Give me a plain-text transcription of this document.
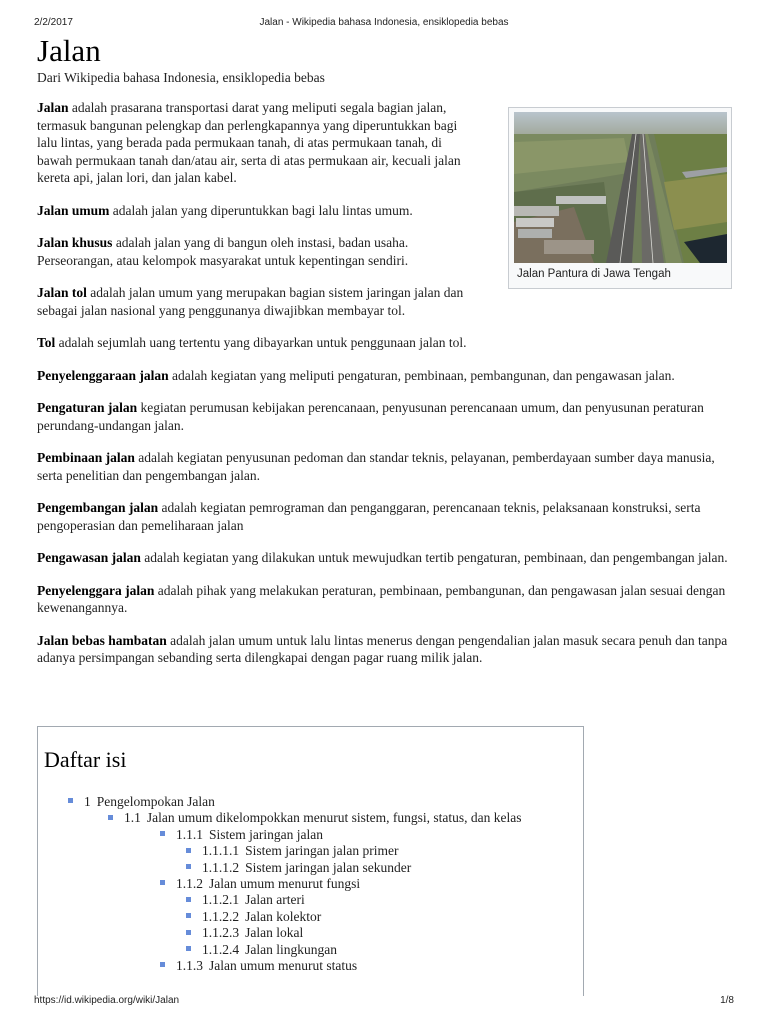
2/2/2017	Jalan - Wikipedia bahasa Indonesia, ensiklopedia bebas
Jalan
Dari Wikipedia bahasa Indonesia, ensiklopedia bebas
Jalan Pantura di Jawa Tengah

Jalan adalah prasarana transportasi darat yang meliputi segala bagian jalan, termasuk bangunan pelengkap dan perlengkapannya yang diperuntukkan bagi lalu lintas, yang berada pada permukaan tanah, di atas permukaan tanah, di bawah permukaan tanah dan/atau air, serta di atas permukaan air, kecuali jalan kereta api, jalan lori, dan jalan kabel.

Jalan umum adalah jalan yang diperuntukkan bagi lalu lintas umum.

Jalan khusus adalah jalan yang di bangun oleh instasi, badan usaha. Perseorangan, atau kelompok masyarakat untuk kepentingan sendiri.

Jalan tol adalah jalan umum yang merupakan bagian sistem jaringan jalan dan sebagai jalan nasional yang penggunanya diwajibkan membayar tol.

Tol adalah sejumlah uang tertentu yang dibayarkan untuk penggunaan jalan tol.

Penyelenggaraan jalan adalah kegiatan yang meliputi pengaturan, pembinaan, pembangunan, dan pengawasan jalan.

Pengaturan jalan kegiatan perumusan kebijakan perencanaan, penyusunan perencanaan umum, dan penyusunan peraturan perundang-undangan jalan.

Pembinaan jalan adalah kegiatan penyusunan pedoman dan standar teknis, pelayanan, pemberdayaan sumber daya manusia, serta penelitian dan pengembangan jalan.

Pengembangan jalan adalah kegiatan pemrograman dan penganggaran, perencanaan teknis, pelaksanaan konstruksi, serta pengoperasian dan pemeliharaan jalan

Pengawasan jalan adalah kegiatan yang dilakukan untuk mewujudkan tertib pengaturan, pembinaan, dan pengembangan jalan.

Penyelenggara jalan adalah pihak yang melakukan peraturan, pembinaan, pembangunan, dan pengawasan jalan sesuai dengan kewenangannya.

Jalan bebas hambatan adalah jalan umum untuk lalu lintas menerus dengan pengendalian jalan masuk secara penuh dan tanpa adanya persimpangan sebanding serta dilengkapai dengan pagar ruang milik jalan.

Daftar isi
1 Pengelompokan Jalan
1.1 Jalan umum dikelompokkan menurut sistem, fungsi, status, dan kelas
1.1.1 Sistem jaringan jalan
1.1.1.1 Sistem jaringan jalan primer
1.1.1.2 Sistem jaringan jalan sekunder
1.1.2 Jalan umum menurut fungsi
1.1.2.1 Jalan arteri
1.1.2.2 Jalan kolektor
1.1.2.3 Jalan lokal
1.1.2.4 Jalan lingkungan
1.1.3 Jalan umum menurut status
https://id.wikipedia.org/wiki/Jalan	1/8
